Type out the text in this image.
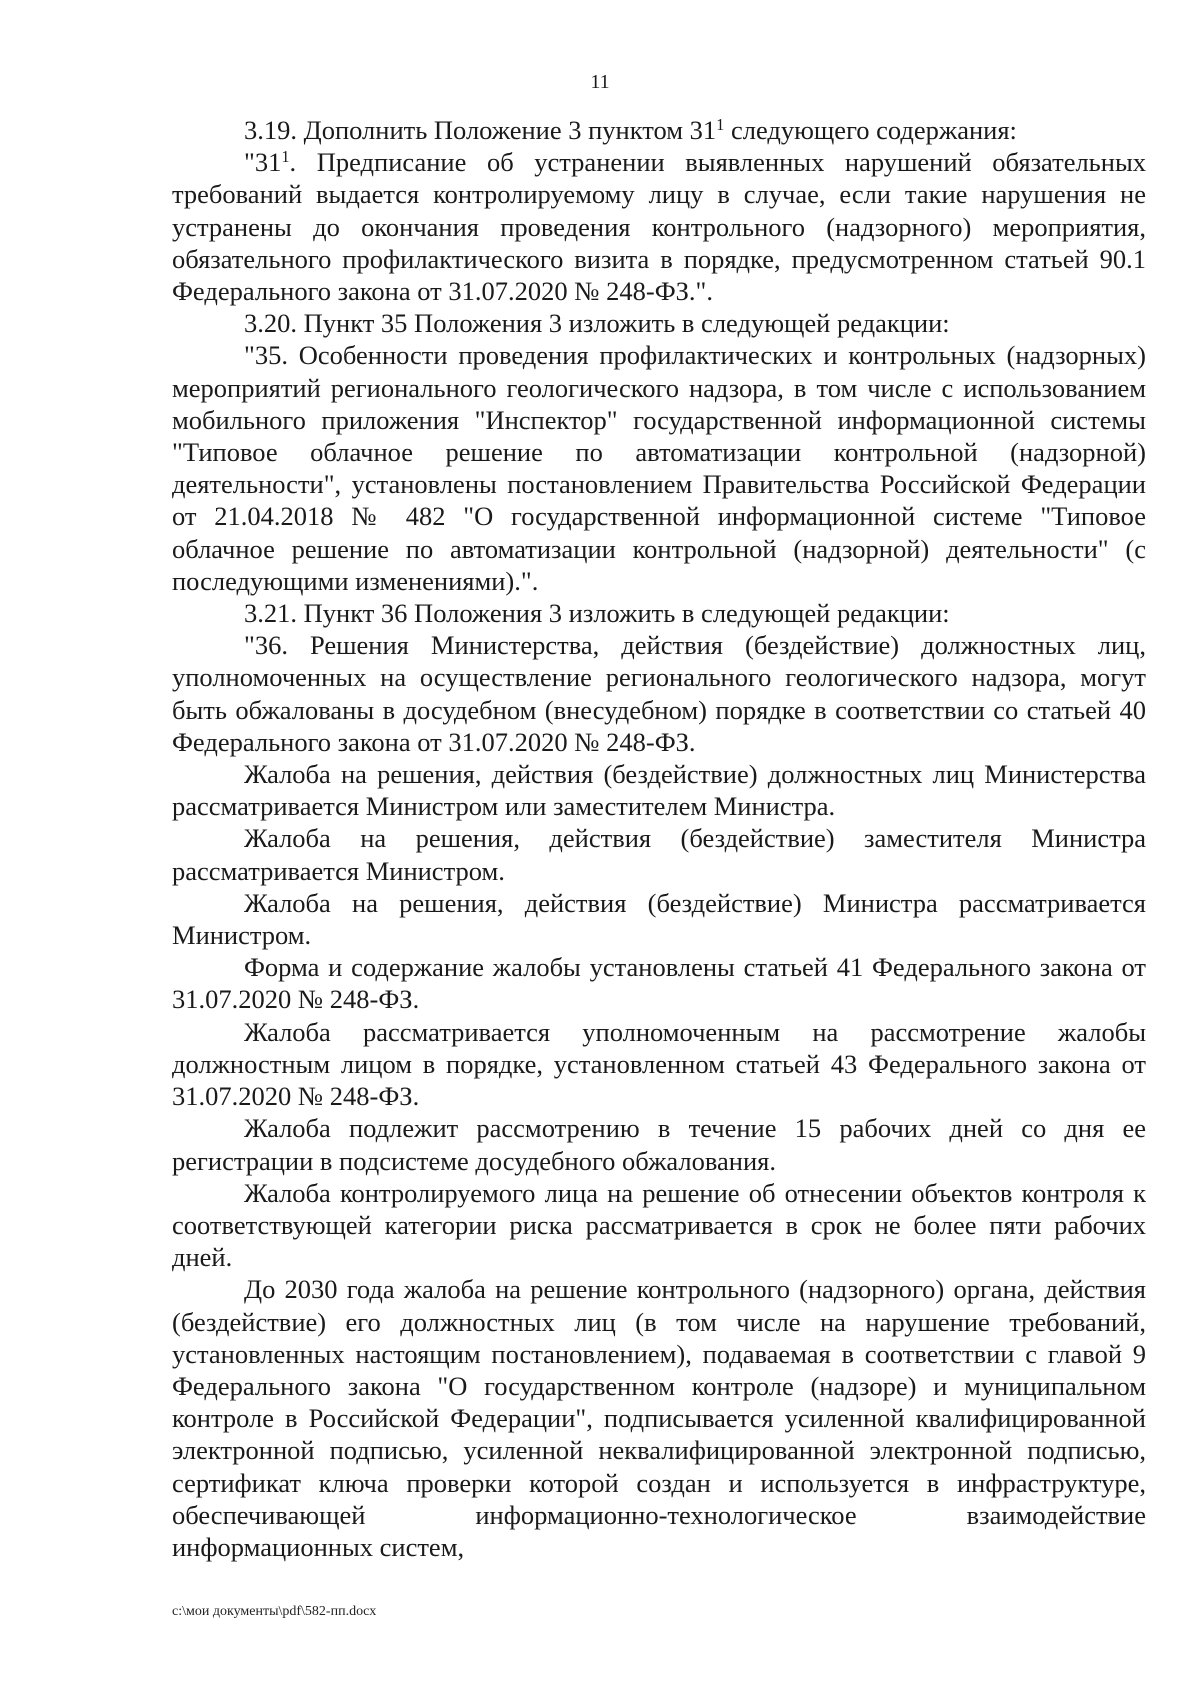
11

3.19. Дополнить Положение 3 пунктом $31^1$ следующего содержания:

"$31^1$. Предписание об устранении выявленных нарушений обязательных требований выдается контролируемому лицу в случае, если такие нарушения не устранены до окончания проведения контрольного (надзорного) мероприятия, обязательного профилактического визита в порядке, предусмотренном статьей 90.1 Федерального закона от 31.07.2020 № 248-ФЗ.".

3.20. Пункт 35 Положения 3 изложить в следующей редакции:

"35. Особенности проведения профилактических и контрольных (надзорных) мероприятий регионального геологического надзора, в том числе с использованием мобильного приложения "Инспектор" государственной информационной системы "Типовое облачное решение по автоматизации контрольной (надзорной) деятельности", установлены постановлением Правительства Российской Федерации от 21.04.2018 № 482 "О государственной информационной системе "Типовое облачное решение по автоматизации контрольной (надзорной) деятельности" (с последующими изменениями).".

3.21. Пункт 36 Положения 3 изложить в следующей редакции:

"36. Решения Министерства, действия (бездействие) должностных лиц, уполномоченных на осуществление регионального геологического надзора, могут быть обжалованы в досудебном (внесудебном) порядке в соответствии со статьей 40 Федерального закона от 31.07.2020 № 248-ФЗ.

Жалоба на решения, действия (бездействие) должностных лиц Министерства рассматривается Министром или заместителем Министра.

Жалоба на решения, действия (бездействие) заместителя Министра рассматривается Министром.

Жалоба на решения, действия (бездействие) Министра рассматривается Министром.

Форма и содержание жалобы установлены статьей 41 Федерального закона от 31.07.2020 № 248-ФЗ.

Жалоба рассматривается уполномоченным на рассмотрение жалобы должностным лицом в порядке, установленном статьей 43 Федерального закона от 31.07.2020 № 248-ФЗ.

Жалоба подлежит рассмотрению в течение 15 рабочих дней со дня ее регистрации в подсистеме досудебного обжалования.

Жалоба контролируемого лица на решение об отнесении объектов контроля к соответствующей категории риска рассматривается в срок не более пяти рабочих дней.

До 2030 года жалоба на решение контрольного (надзорного) органа, действия (бездействие) его должностных лиц (в том числе на нарушение требований, установленных настоящим постановлением), подаваемая в соответствии с главой 9 Федерального закона "О государственном контроле (надзоре) и муниципальном контроле в Российской Федерации", подписывается усиленной квалифицированной электронной подписью, усиленной неквалифицированной электронной подписью, сертификат ключа проверки которой создан и используется в инфраструктуре, обеспечивающей информационно-технологическое взаимодействие информационных систем,

c:\мои документы\pdf\582-пп.docx
